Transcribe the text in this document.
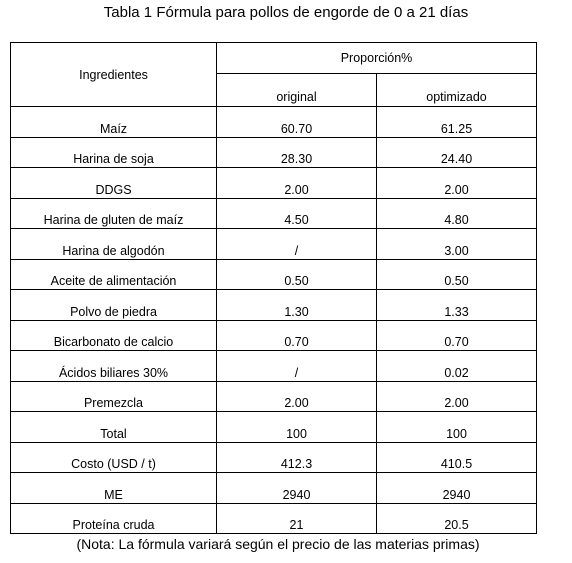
Tabla 1 Fórmula para pollos de engorde de 0 a 21 días
Ingredientes	Proporción%	
	original	optimizado
Maíz	60.70	61.25
Harina de soja	28.30	24.40
DDGS	2.00	2.00
Harina de gluten de maíz	4.50	4.80
Harina de algodón	/	3.00
Aceite de alimentación	0.50	0.50
Polvo de piedra	1.30	1.33
Bicarbonato de calcio	0.70	0.70
Ácidos biliares 30%	/	0.02
Premezcla	2.00	2.00
Total	100	100
Costo (USD / t)	412.3	410.5
ME	2940	2940
Proteína cruda	21	20.5
(Nota: La fórmula variará según el precio de las materias primas)
